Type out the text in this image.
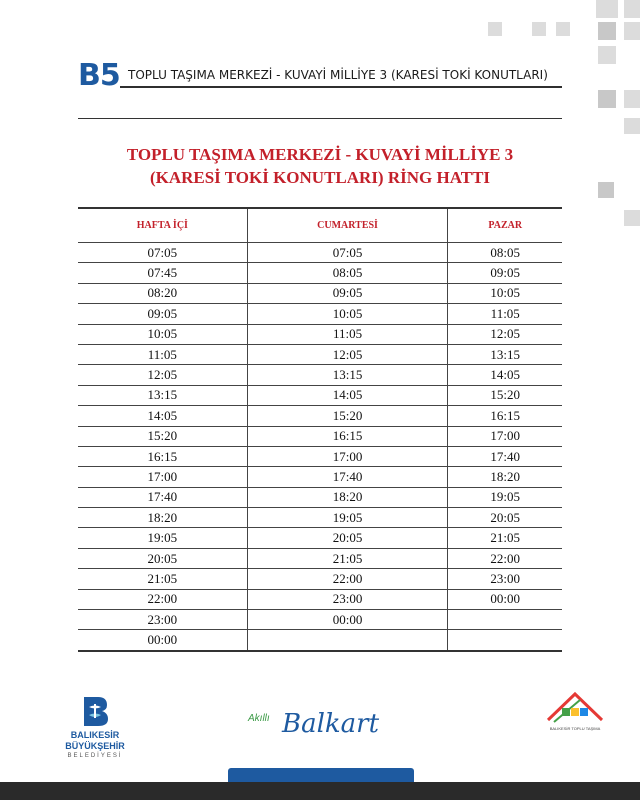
B5 TOPLU TAŞIMA MERKEZİ - KUVAYİ MİLLİYE 3 (KARESİ TOKİ KONUTLARI)
TOPLU TAŞIMA MERKEZİ - KUVAYİ MİLLİYE 3
(KARESİ TOKİ KONUTLARI) RİNG HATTI
HAFTA İÇİ	CUMARTESİ	PAZAR
07:05	07:05	08:05
07:45	08:05	09:05
08:20	09:05	10:05
09:05	10:05	11:05
10:05	11:05	12:05
11:05	12:05	13:15
12:05	13:15	14:05
13:15	14:05	15:20
14:05	15:20	16:15
15:20	16:15	17:00
16:15	17:00	17:40
17:00	17:40	18:20
17:40	18:20	19:05
18:20	19:05	20:05
19:05	20:05	21:05
20:05	21:05	22:00
21:05	22:00	23:00
22:00	23:00	00:00
23:00	00:00	
00:00		
BALIKESİR
BÜYÜKŞEHİR
BELEDİYESİ
Akıllı Balkart	BALIKESİR TOPLU TAŞIMA
